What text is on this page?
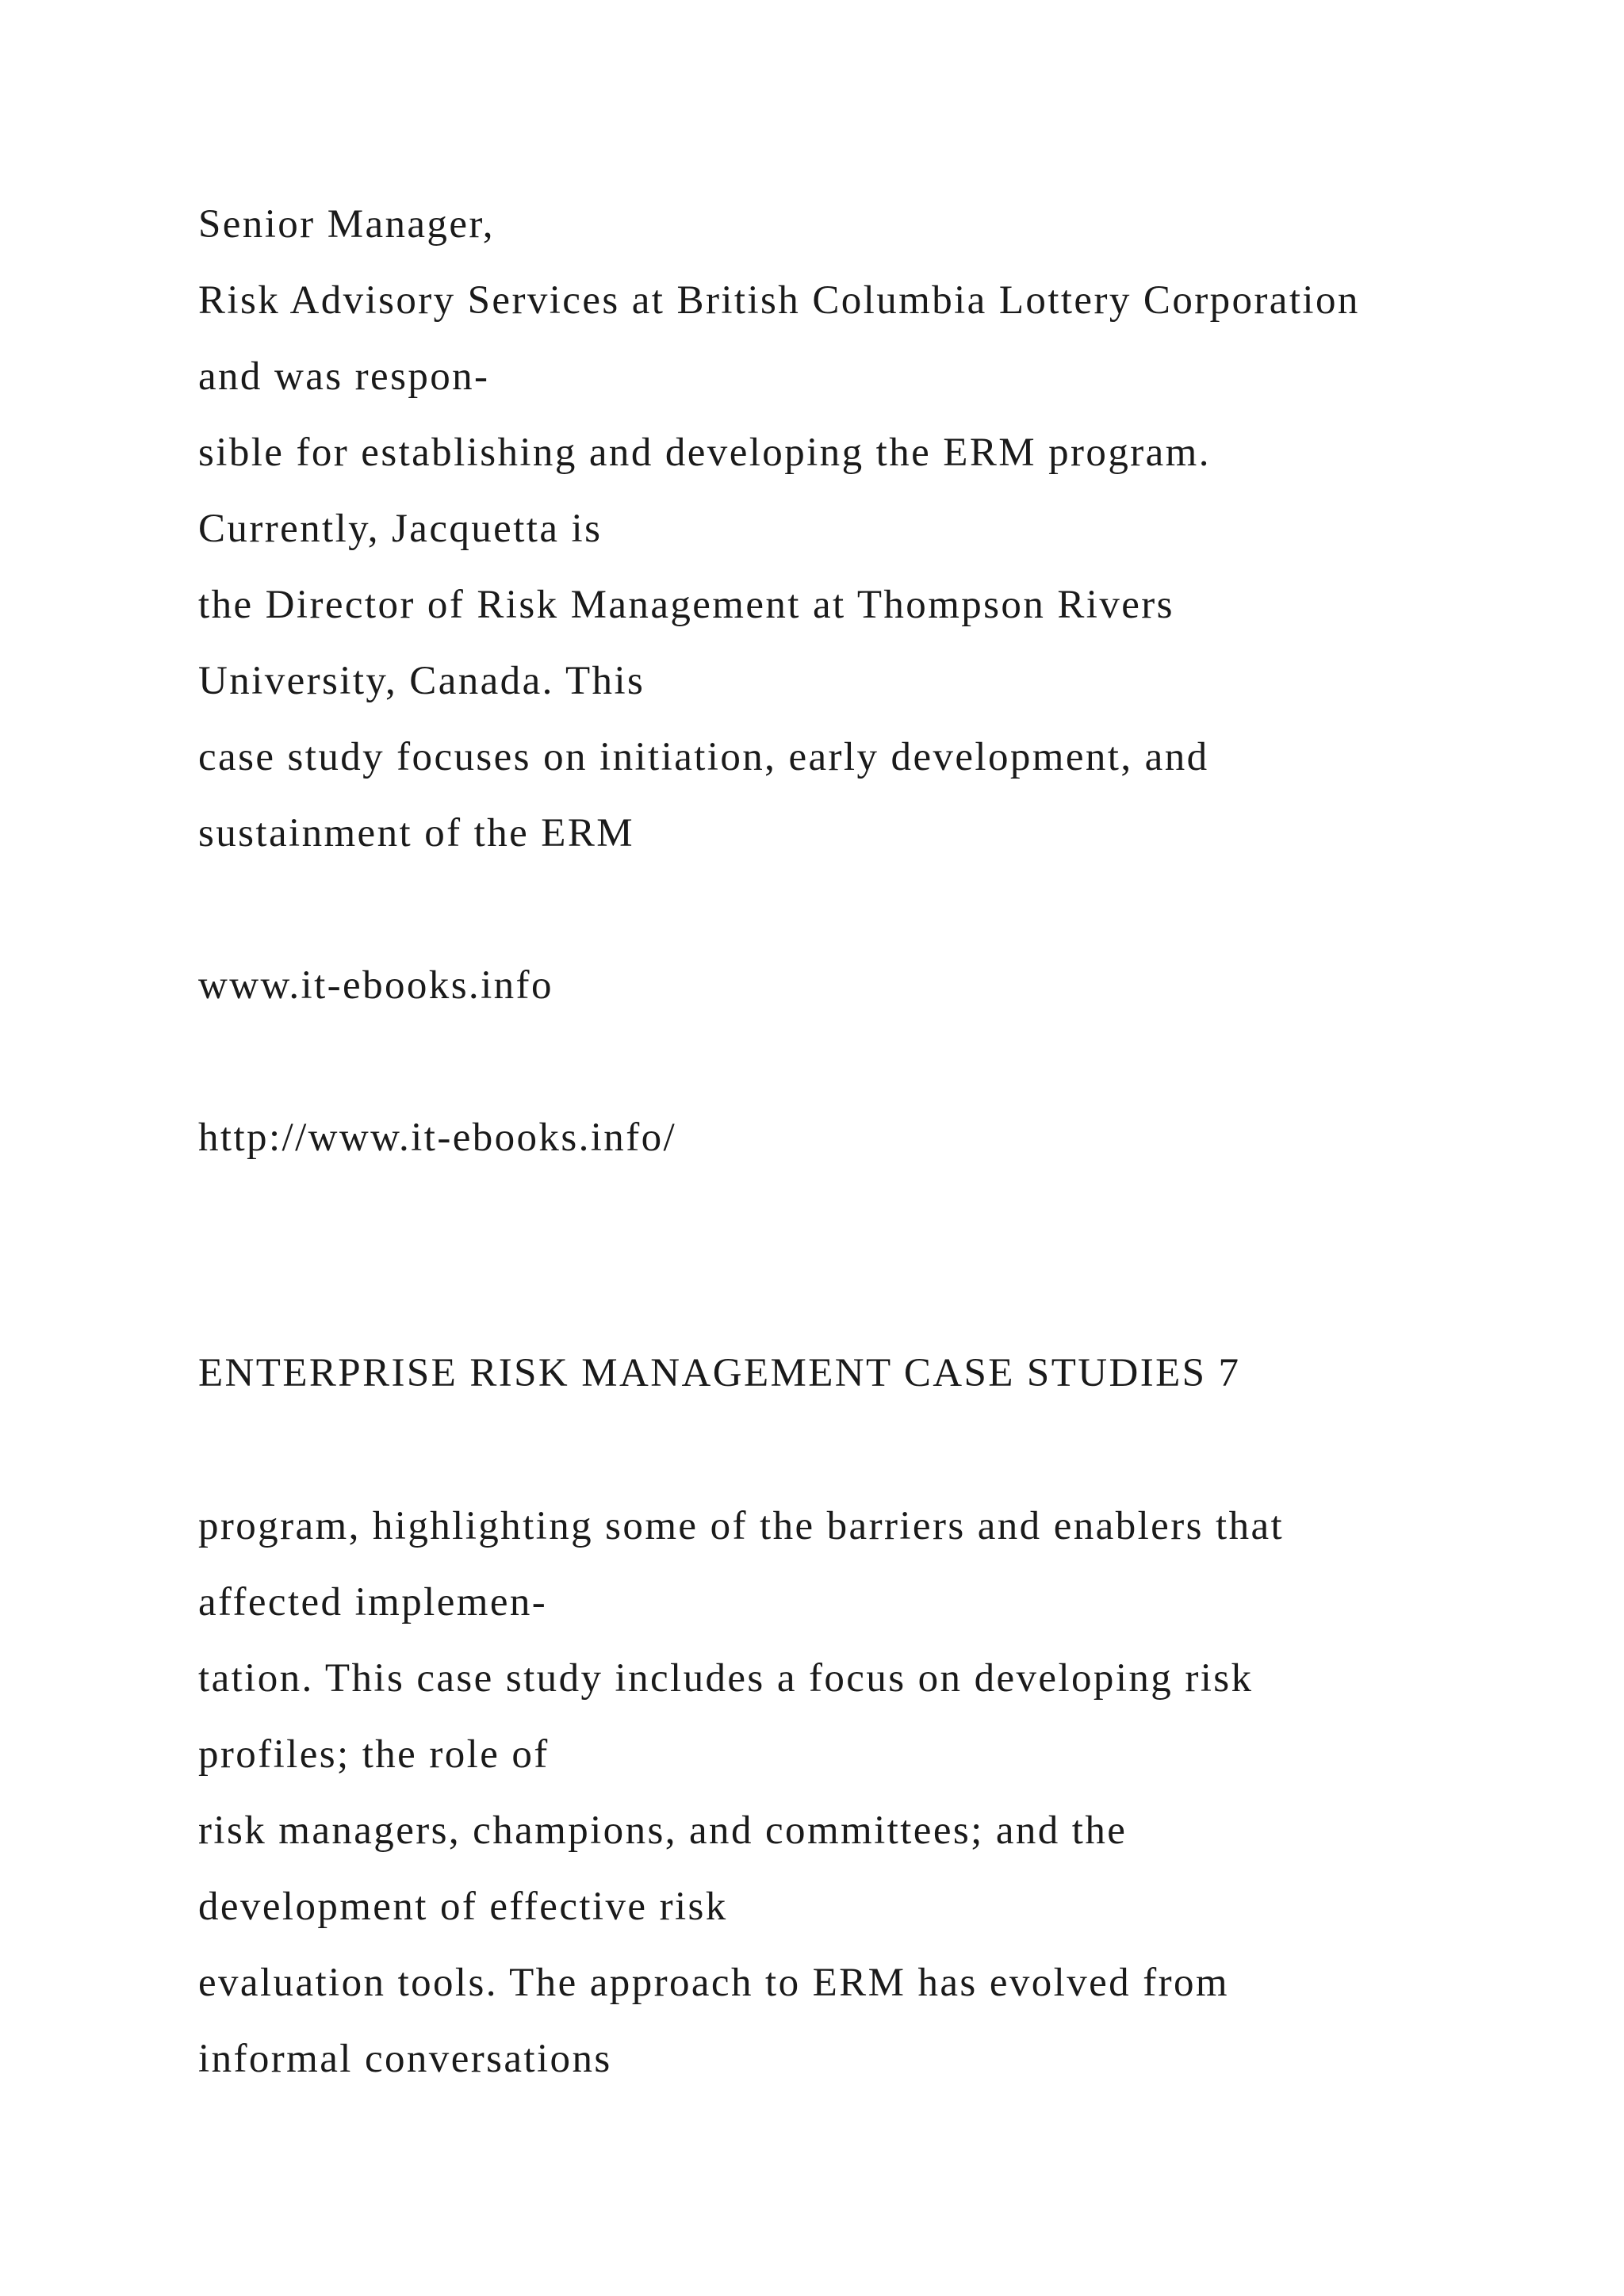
Senior Manager,

Risk Advisory Services at British Columbia Lottery Corporation

and was respon-

sible for establishing and developing the ERM program.

Currently, Jacquetta is

the Director of Risk Management at Thompson Rivers

University, Canada. This

case study focuses on initiation, early development, and

sustainment of the ERM

www.it-ebooks.info

http://www.it-ebooks.info/

ENTERPRISE RISK MANAGEMENT CASE STUDIES 7

program, highlighting some of the barriers and enablers that

affected implemen-

tation. This case study includes a focus on developing risk

profiles; the role of

risk managers, champions, and committees; and the

development of effective risk

evaluation tools. The approach to ERM has evolved from

informal conversations
